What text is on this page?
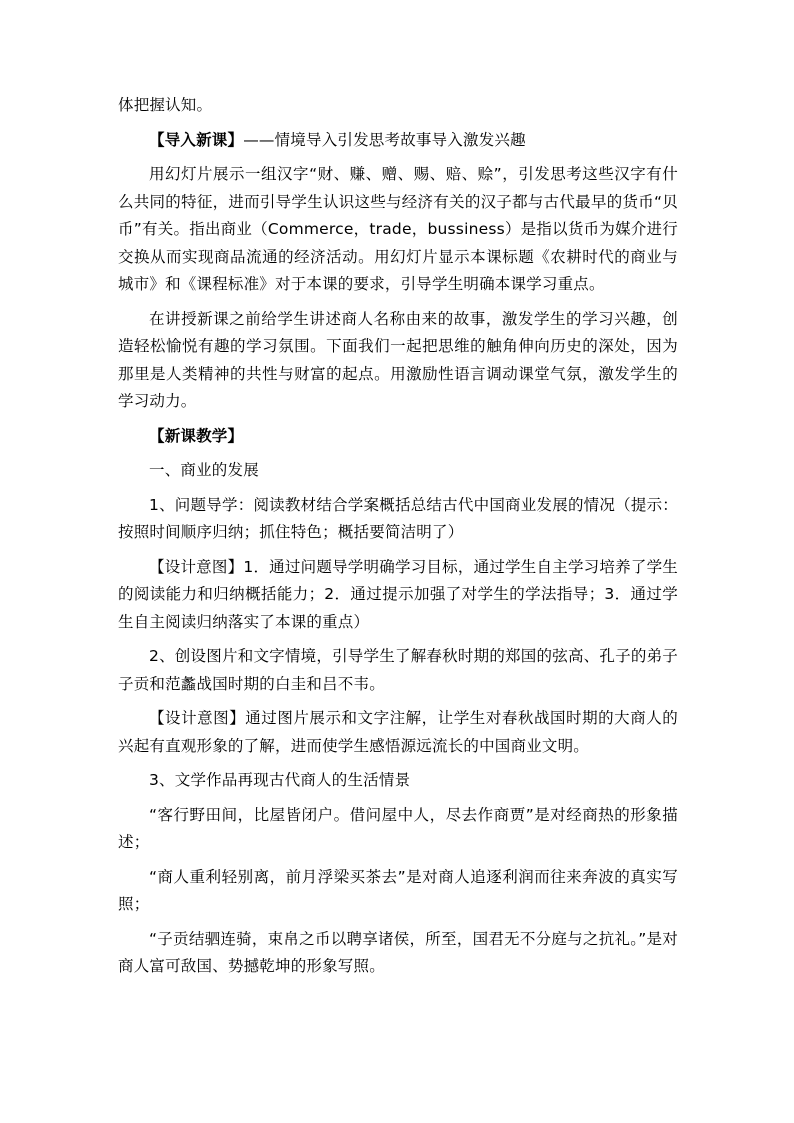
体把握认知。

【导入新课】——情境导入引发思考故事导入激发兴趣

用幻灯片展示一组汉字“财、赚、赠、赐、赔、赊”，引发思考这些汉字有什么共同的特征，进而引导学生认识这些与经济有关的汉子都与古代最早的货币“贝币”有关。指出商业（Commerce，trade，bussiness）是指以货币为媒介进行交换从而实现商品流通的经济活动。用幻灯片显示本课标题《农耕时代的商业与城市》和《课程标准》对于本课的要求，引导学生明确本课学习重点。

在讲授新课之前给学生讲述商人名称由来的故事，激发学生的学习兴趣，创造轻松愉悦有趣的学习氛围。下面我们一起把思维的触角伸向历史的深处，因为那里是人类精神的共性与财富的起点。用激励性语言调动课堂气氛，激发学生的学习动力。

【新课教学】

一、商业的发展

1、问题导学：阅读教材结合学案概括总结古代中国商业发展的情况（提示：按照时间顺序归纳；抓住特色；概括要简洁明了）

【设计意图】1．通过问题导学明确学习目标，通过学生自主学习培养了学生的阅读能力和归纳概括能力；2．通过提示加强了对学生的学法指导；3．通过学生自主阅读归纳落实了本课的重点）

2、创设图片和文字情境，引导学生了解春秋时期的郑国的弦高、孔子的弟子子贡和范蠡战国时期的白圭和吕不韦。

【设计意图】通过图片展示和文字注解，让学生对春秋战国时期的大商人的兴起有直观形象的了解，进而使学生感悟源远流长的中国商业文明。

3、文学作品再现古代商人的生活情景

“客行野田间，比屋皆闭户。借问屋中人，尽去作商贾”是对经商热的形象描述；

“商人重利轻别离，前月浮梁买茶去”是对商人追逐利润而往来奔波的真实写照；

“子贡结驷连骑，束帛之币以聘享诸侯，所至，国君无不分庭与之抗礼。”是对商人富可敌国、势撼乾坤的形象写照。
